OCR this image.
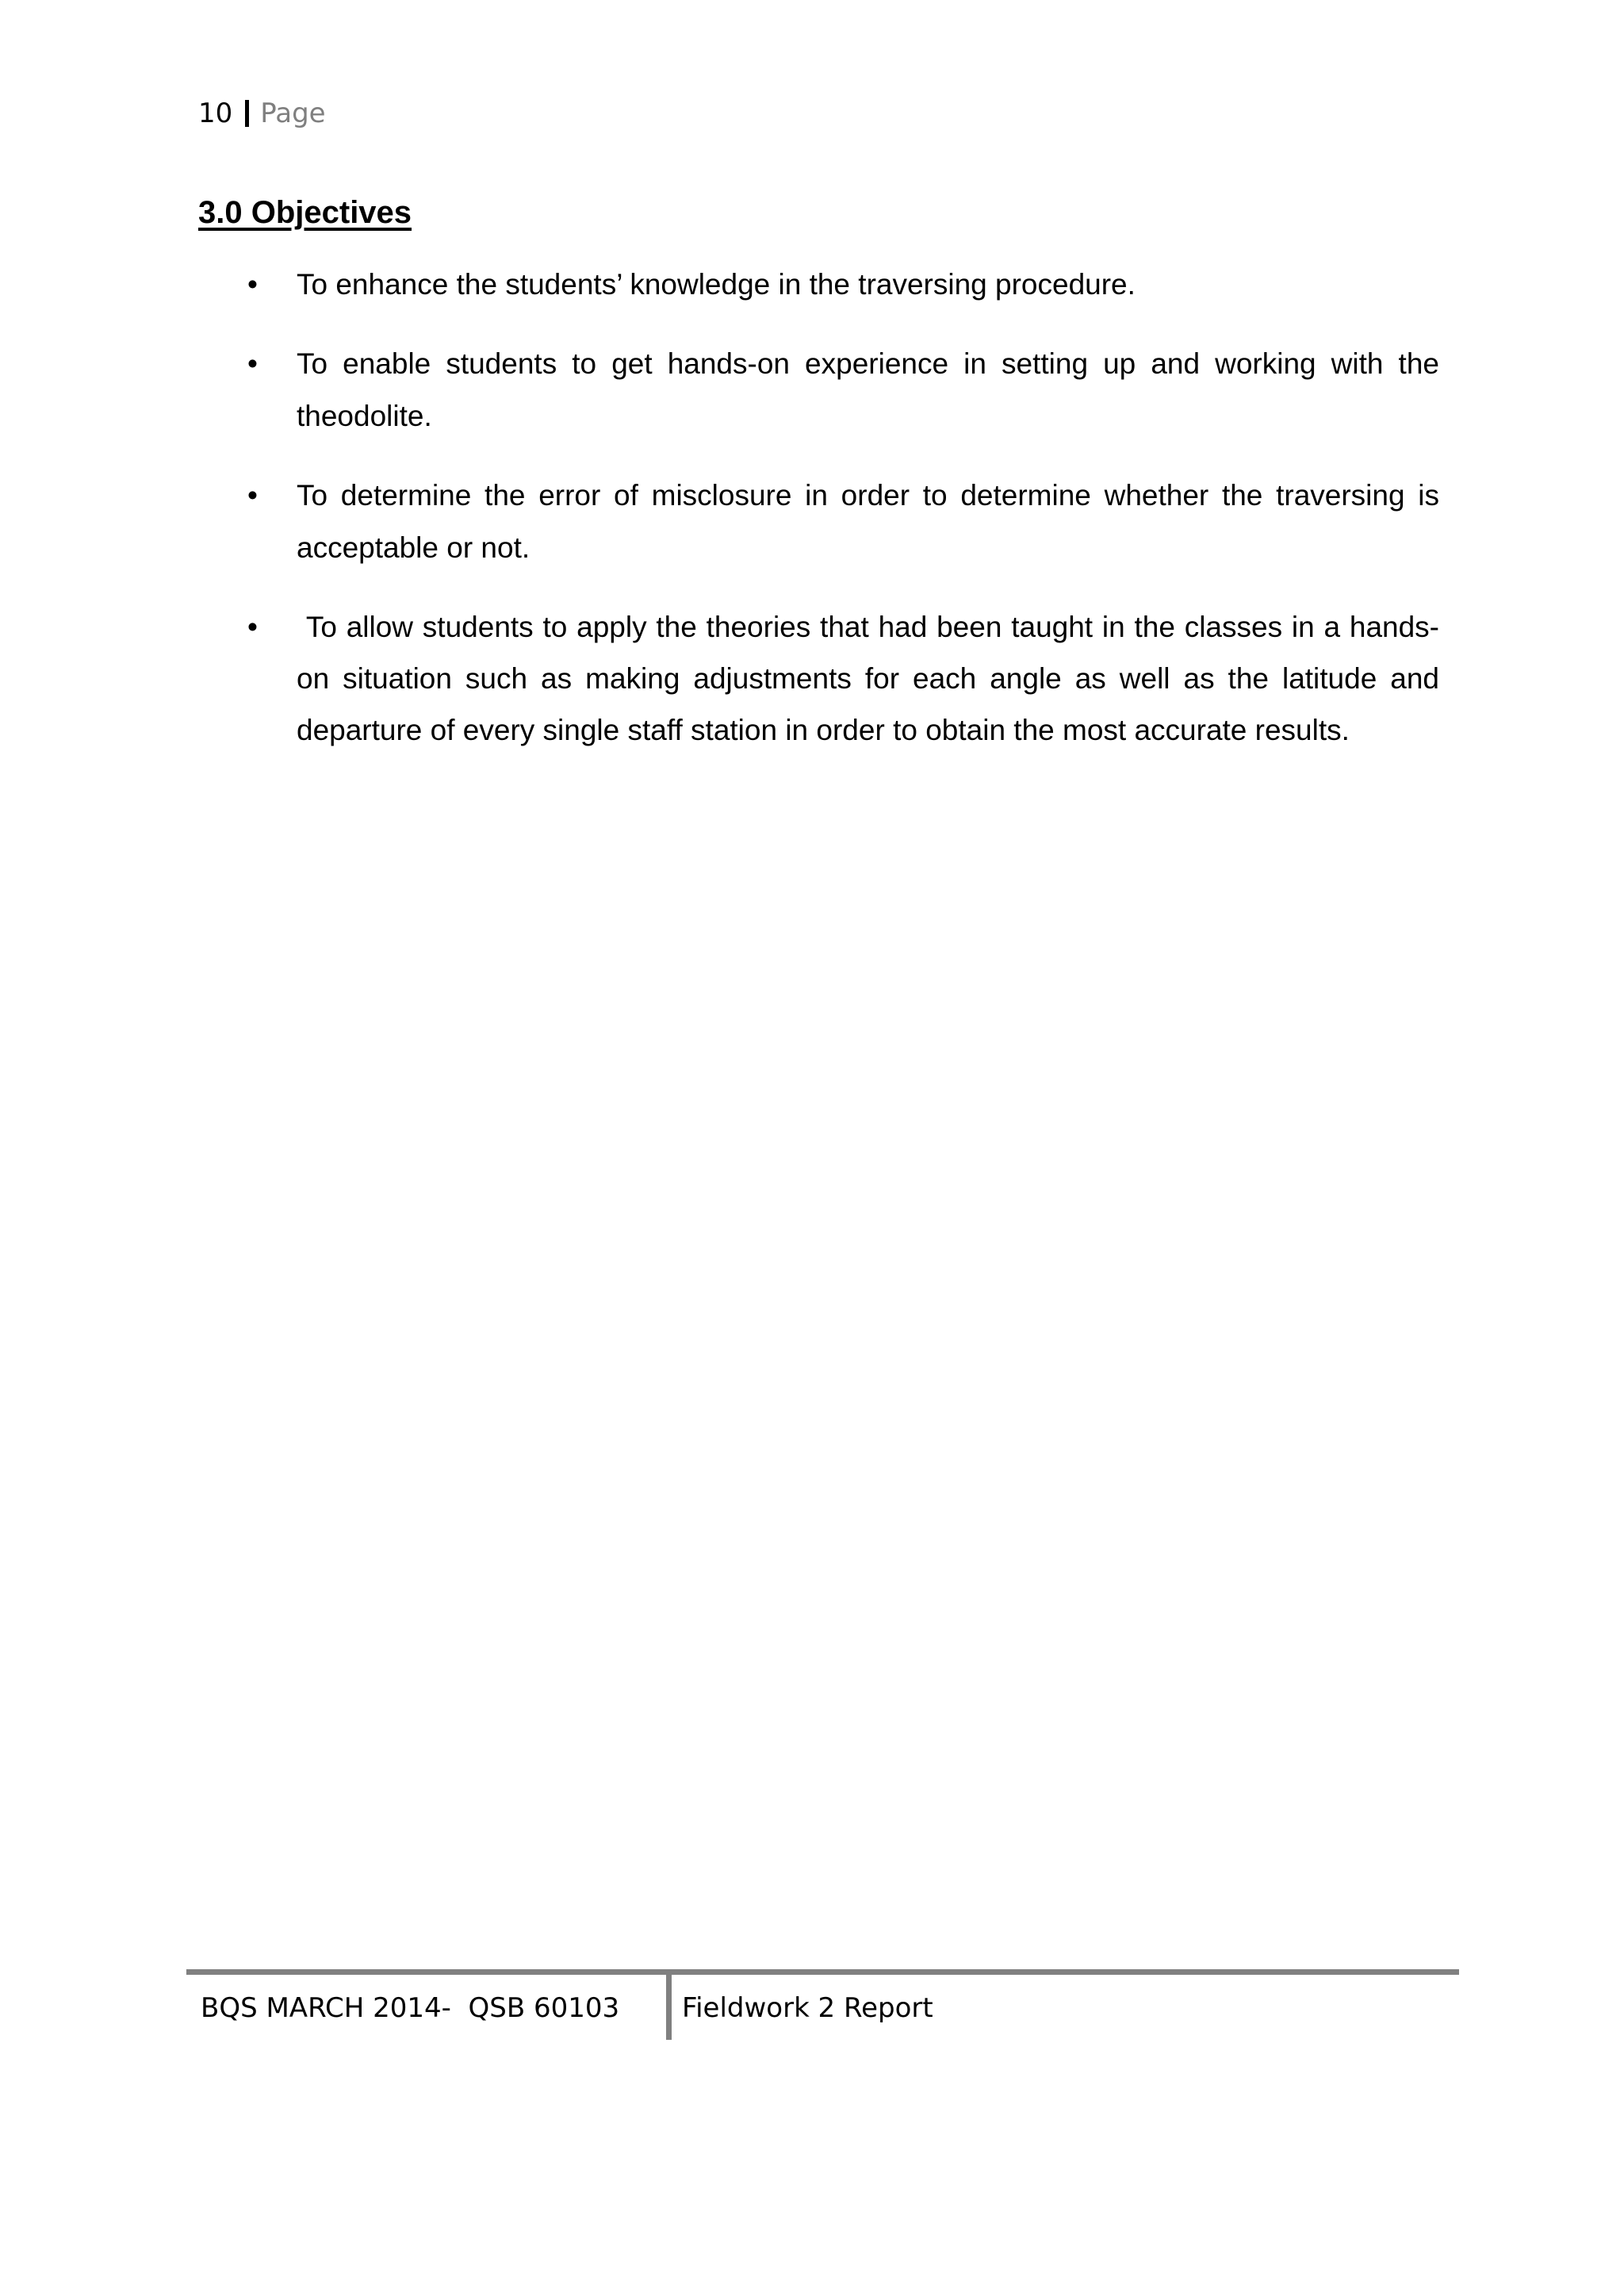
10 Page
3.0 Objectives
• To enhance the students’ knowledge in the traversing procedure.
• To enable students to get hands-on experience in setting up and working with the theodolite.
• To determine the error of misclosure in order to determine whether the traversing is acceptable or not.
• To allow students to apply the theories that had been taught in the classes in a hands- on situation such as making adjustments for each angle as well as the latitude and departure of every single staff station in order to obtain the most accurate results.
BQS MARCH 2014-  QSB 60103 Fieldwork 2 Report
